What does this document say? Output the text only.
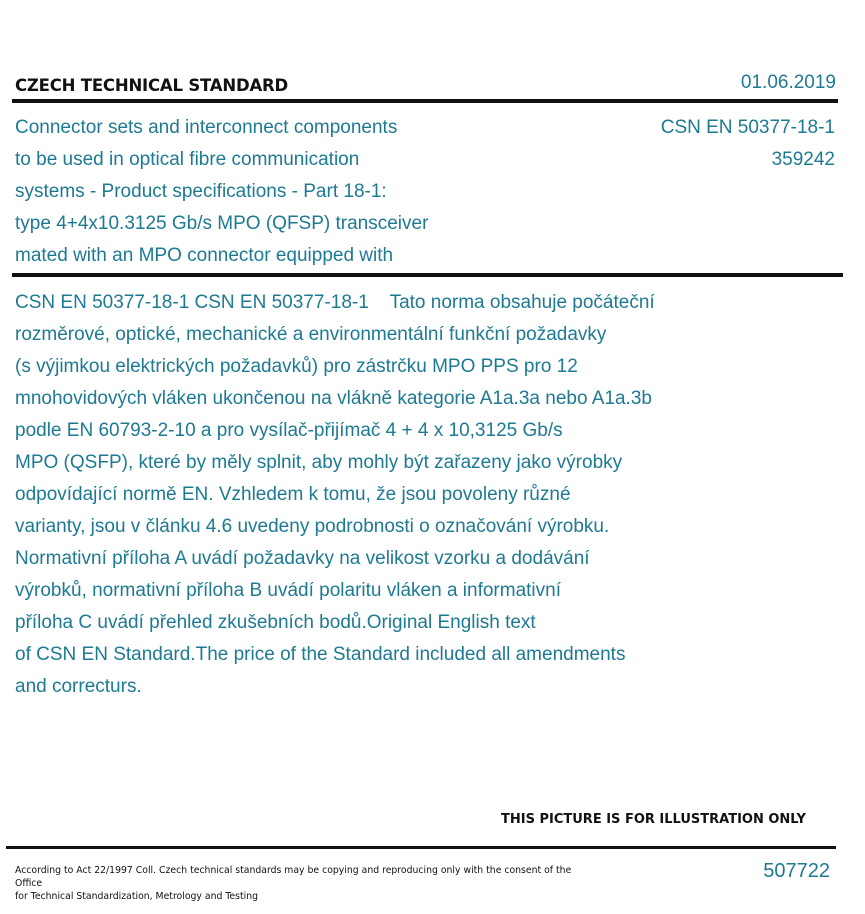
CZECH TECHNICAL STANDARD	01.06.2019
Connector sets and interconnect components
to be used in optical fibre communication
systems - Product specifications - Part 18-1:
type 4+4x10.3125 Gb/s MPO (QFSP) transceiver
mated with an MPO connector equipped with
CSN EN 50377-18-1
359242
CSN EN 50377-18-1 CSN EN 50377-18-1    Tato norma obsahuje počáteční
rozměrové, optické, mechanické a environmentální funkční požadavky
(s výjimkou elektrických požadavků) pro zástrčku MPO PPS pro 12
mnohovidových vláken ukončenou na vlákně kategorie A1a.3a nebo A1a.3b
podle EN 60793-2-10 a pro vysílač-přijímač 4 + 4 x 10,3125 Gb/s
MPO (QSFP), které by měly splnit, aby mohly být zařazeny jako výrobky
odpovídající normě EN. Vzhledem k tomu, že jsou povoleny různé
varianty, jsou v článku 4.6 uvedeny podrobnosti o označování výrobku.
Normativní příloha A uvádí požadavky na velikost vzorku a dodávání
výrobků, normativní příloha B uvádí polaritu vláken a informativní
příloha C uvádí přehled zkušebních bodů.Original English text
of CSN EN Standard.The price of the Standard included all amendments
and correcturs.
THIS PICTURE IS FOR ILLUSTRATION ONLY
According to Act 22/1997 Coll. Czech technical standards may be copying and reproducing only with the consent of the Office
for Technical Standardization, Metrology and Testing
507722
